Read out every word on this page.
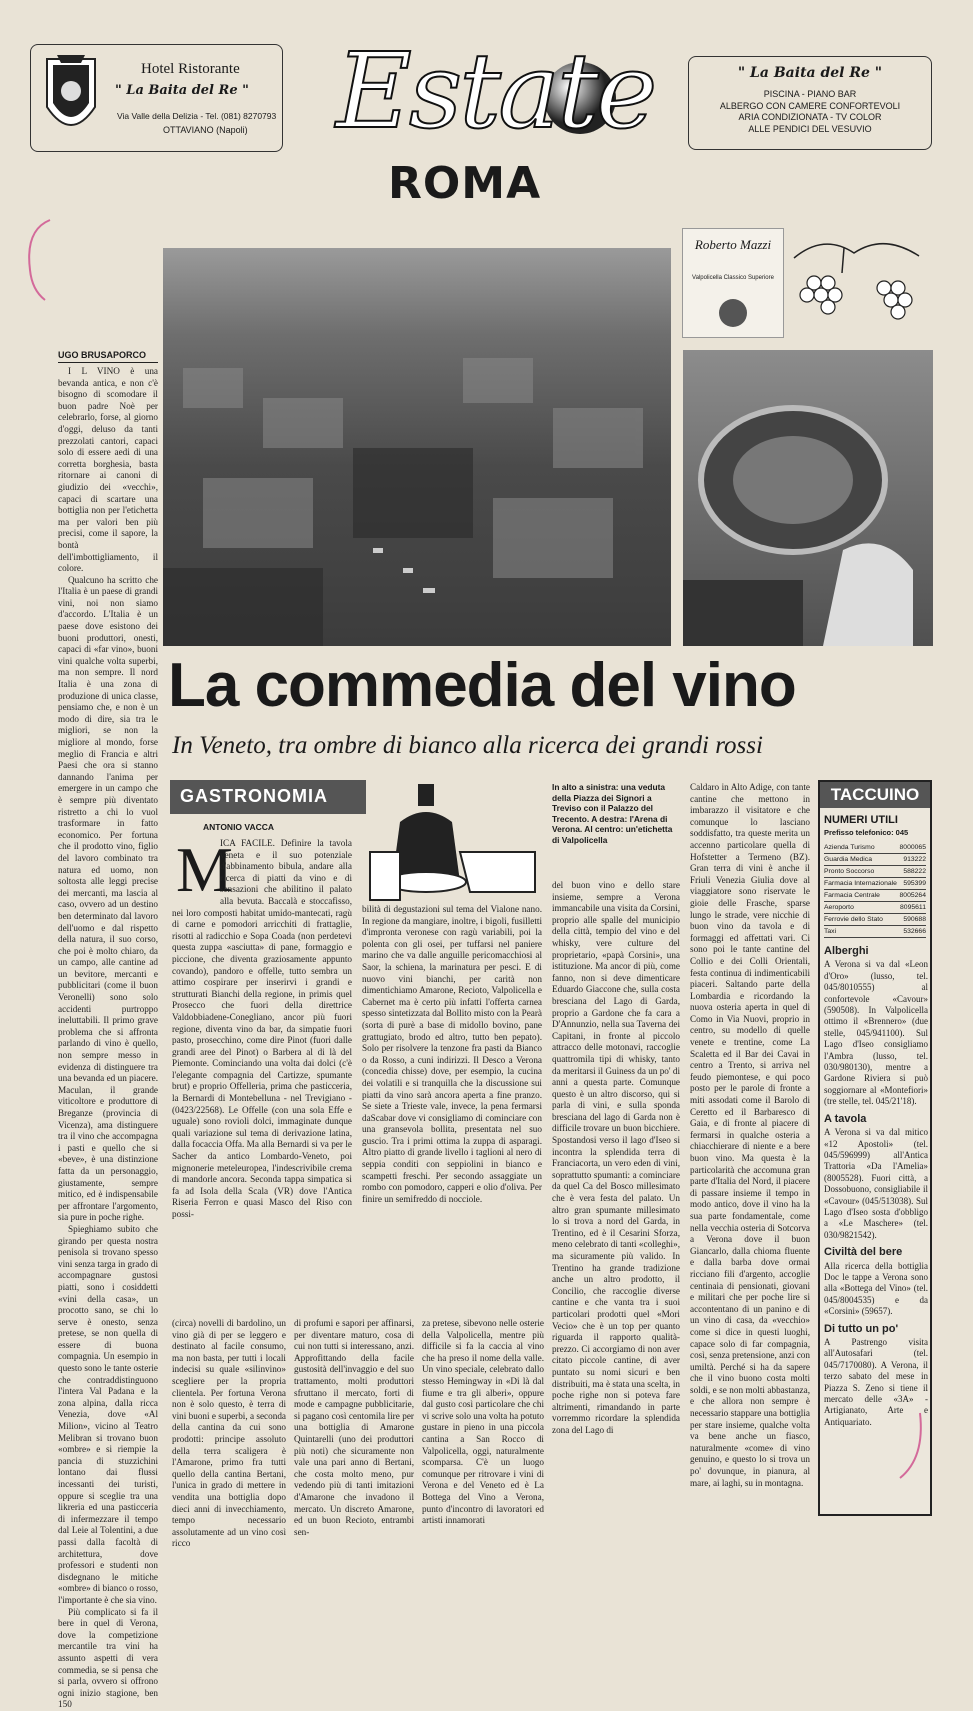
Hotel Ristorante
" La Baita del Re "
Via Valle della Delizia - Tel. (081) 8270793
OTTAVIANO (Napoli) Estate
ROMA
" La Baita del Re "
PISCINA - PIANO BAR
ALBERGO CON CAMERE CONFORTEVOLI
ARIA CONDIZIONATA - TV COLOR
ALLE PENDICI DEL VESUVIO
Roberto Mazzi
Valpolicella Classico Superiore
La commedia del vino
In Veneto, tra ombre di bianco alla ricerca dei grandi rossi
UGO BRUSAPORCO

I L VINO è una bevanda antica, e non c'è bisogno di scomodare il buon padre Noè per celebrarlo, forse, al giorno d'oggi, deluso da tanti prezzolati cantori, capaci solo di essere aedi di una corretta borghesia, basta ritornare ai canoni di giudizio dei «vecchi», capaci di scartare una bottiglia non per l'etichetta ma per valori ben più precisi, come il sapore, la bontà dell'imbottigliamento, il colore.

Qualcuno ha scritto che l'Italia è un paese di grandi vini, noi non siamo d'accordo. L'Italia è un paese dove esistono dei buoni produttori, onesti, capaci di «far vino», buoni vini qualche volta superbi, ma non sempre. Il nord Italia è una zona di produzione di unica classe, pensiamo che, e non è un modo di dire, sia tra le migliori, se non la migliore al mondo, forse meglio di Francia e altri Paesi che ora si stanno dannando l'anima per emergere in un campo che è sempre più diventato ristretto a chi lo vuol trasformare in fatto economico. Per fortuna che il prodotto vino, figlio del lavoro combinato tra natura ed uomo, non soltosta alle leggi precise dei mercanti, ma lascia al caso, ovvero ad un destino ben determinato dal lavoro dell'uomo e dal rispetto della natura, il suo corso, che poi è molto chiaro, da un campo, alle cantine ad un bevitore, mercanti e pubblicitari (come il buon Veronelli) sono solo accidenti purtroppo ineluttabili. Il primo grave problema che si affronta parlando di vino è quello, non sempre messo in evidenza di distinguere tra una bevanda ed un piacere. Maculan, il grande viticoltore e produttore di Breganze (provincia di Vicenza), ama distinguere tra il vino che accompagna i pasti e quello che si «beve», è una distinzione fatta da un personaggio, giustamente, sempre mitico, ed è indispensabile per affrontare l'argomento, sia pure in poche righe.

Spieghiamo subito che girando per questa nostra penisola si trovano spesso vini senza targa in grado di accompagnare gustosi piatti, sono i cosiddetti «vini della casa», un procotto sano, se chi lo serve è onesto, senza pretese, se non quella di essere di buona compagnia. Un esempio in questo sono le tante osterie che contraddistinguono l'intera Val Padana e la zona alpina, dalla ricca Venezia, dove «Al Milion», vicino al Teatro Melibran si trovano buon «ombre» e si riempie la pancia di stuzzichini lontano dai flussi incessanti dei turisti, oppure si sceglie tra una likreria ed una pasticceria di infermezzare il tempo dal Leie al Tolentini, a due passi dalla facoltà di architettura, dove professori e studenti non disdegnano le mitiche «ombre» di bianco o rosso, l'importante è che sia vino.

Più complicato si fa il bere in quel di Verona, dove la competizione mercantile tra vini ha assunto aspetti di vera commedia, se si pensa che si parla, ovvero si offrono ogni inizio stagione, ben 150

GASTRONOMIA
ANTONIO VACCA
M
ICA FACILE. Definire la tavola veneta e il suo potenziale d'abbinamento bibula, andare alla ricerca di piatti da vino e di sensazioni che abilitino il palato alla bevuta. Baccalà e stoccafisso, nei loro composti habitat umido-mantecati, ragù di carne e pomodori arricchiti di frattaglie, risotti al radicchio e Sopa Coada (non perdetevi questa zuppa «asciutta» di pane, formaggio e piccione, che diventa graziosamente appunto covando), pandoro e offelle, tutto sembra un attimo cospirare per inserirvi i grandi e strutturati Bianchi della regione, in primis quel Prosecco che fuori della direttrice Valdobbiadene-Conegliano, ancor più fuori regione, diventa vino da bar, da simpatie fuori pasto, prosecchino, come dire Pinot (fuori dalle grandi aree del Pinot) o Barbera al di là del Piemonte. Cominciando una volta dai dolci (c'è l'elegante compagnia del Cartizze, spumante brut) e proprio Offelleria, prima che pasticceria, la Bernardi di Montebelluna - nel Trevigiano - (0423/22568). Le Offelle (con una sola Effe e uguale) sono rovioli dolci, immaginate dunque quali variazione sul tema di derivazione latina, dalla focaccia Offa. Ma alla Bernardi si va per le Sacher da antico Lombardo-Veneto, poi mignonerie meteleuropea, l'indescrivibile crema di mandorle ancora. Seconda tappa simpatica si fa ad Isola della Scala (VR) dove l'Antica Riseria Ferron e quasi Masco del Riso con possi-
bilità di degustazioni sul tema del Vialone nano. In regione da mangiare, inoltre, i bigoli, fusilletti d'impronta veronese con ragù variabili, poi la polenta con gli osei, per tuffarsi nel paniere marino che va dalle anguille pericomacchiosi al Saor, la schiena, la marinatura per pesci. E di nuovo vini bianchi, per carità non dimentichiamo Amarone, Recioto, Valpolicella e Cabernet ma è certo più infatti l'offerta carnea spesso sintetizzata dal Bollito misto con la Pearà (sorta di purè a base di midollo bovino, pane grattugiato, brodo ed altro, tutto ben pepato). Solo per risolvere la tenzone fra pasti da Bianco o da Rosso, a cuni indirizzi. Il Desco a Verona (concedia chisse) dove, per esempio, la cucina dei volatili e si tranquilla che la discussione sui piatti da vino sarà ancora aperta a fine pranzo. Se siete a Trieste vale, invece, la pena fermarsi daScabar dove vi consigliamo di cominciare con una gransevola bollita, presentata nel suo guscio. Tra i primi ottima la zuppa di asparagi. Altro piatto di grande livello i taglioni al nero di seppia conditi con seppiolini in bianco e scampetti freschi. Per secondo assaggiate un rombo con pomodoro, capperi e olio d'oliva. Per finire un semifreddo di nocciole.
In alto a sinistra: una veduta della Piazza dei Signori a Treviso con il Palazzo del Trecento. A destra: l'Arena di Verona. Al centro: un'etichetta di Valpolicella
del buon vino e dello stare insieme, sempre a Verona immancabile una visita da Corsini, proprio alle spalle del municipio della città, tempio del vino e del whisky, vere culture del proprietario, «papà Corsini», una istituzione. Ma ancor di più, come fanno, non si deve dimenticare Eduardo Giaccone che, sulla costa bresciana del Lago di Garda, proprio a Gardone che fa cara a D'Annunzio, nella sua Taverna dei Capitani, in fronte al piccolo attracco delle motonavi, raccoglie quattromila tipi di whisky, tanto da meritarsi il Guiness da un po' di anni a questa parte. Comunque questo è un altro discorso, qui si parla di vini, e sulla sponda bresciana del lago di Garda non è difficile trovare un buon bicchiere. Spostandosi verso il lago d'Iseo si incontra la splendida terra di Franciacorta, un vero eden di vini, soprattutto spumanti: a cominciare da quel Ca del Bosco millesimato che è vera festa del palato. Un altro gran spumante millesimato lo si trova a nord del Garda, in Trentino, ed è il Cesarini Sforza, meno celebrato di tanti «colleghi», ma sicuramente più valido. In Trentino ha grande tradizione anche un altro prodotto, il Concilio, che raccoglie diverse cantine e che vanta tra i suoi particolari prodotti quel «Mori Vecio» che è un top per quanto riguarda il rapporto qualità-prezzo. Ci accorgiamo di non aver citato piccole cantine, di aver puntato su nomi sicuri e ben distribuiti, ma è stata una scelta, in poche righe non si poteva fare altrimenti, rimandando in parte vorremmo ricordare la splendida zona del Lago di
Caldaro in Alto Adige, con tante cantine che mettono in imbarazzo il visitatore e che comunque lo lasciano soddisfatto, tra queste merita un accenno particolare quella di Hofstetter a Termeno (BZ). Gran terra di vini è anche il Friuli Venezia Giulia dove al viaggiatore sono riservate le gioie delle Frasche, sparse lungo le strade, vere nicchie di buon vino da tavola e di formaggi ed affettati vari. Ci sono poi le tante cantine del Collio e dei Colli Orientali, festa continua di indimenticabili piaceri. Saltando parte della Lombardia e ricordando la nuova osteria aperta in quel di Como in Via Nuovi, proprio in centro, su modello di quelle venete e trentine, come La Scaletta ed il Bar dei Cavai in centro a Trento, si arriva nel feudo piemontese, e qui poco posto per le parole di fronte a miti assodati come il Barolo di Ceretto ed il Barbaresco di Gaia, e di fronte al piacere di fermarsi in qualche osteria a chiacchierare di niente e a bere buon vino. Ma questa è la particolarità che accomuna gran parte d'Italia del Nord, il piacere di passare insieme il tempo in modo antico, dove il vino ha la sua parte fondamentale, come nella vecchia osteria di Sotcorva a Verona dove il buon Giancarlo, dalla chioma fluente e dalla barba dove ormai ricciano fili d'argento, accoglie centinaia di pensionati, giovani e militari che per poche lire si accontentano di un panino e di un vino di casa, da «vecchio» come si dice in questi luoghi, capace solo di far compagnia, così, senza pretensione, anzi con umiltà. Perché si ha da sapere che il vino buono costa molti soldi, e se non molti abbastanza, e che allora non sempre è necessario stappare una bottiglia per stare insieme, qualche volta va bene anche un fiasco, naturalmente «come» di vino genuino, e questo lo si trova un po' dovunque, in pianura, al mare, ai laghi, su in montagna.
(circa) novelli di bardolino, un vino già di per se leggero e destinato al facile consumo, ma non basta, per tutti i locali indecisi su quale «silinvino» scegliere per la propria clientela. Per fortuna Verona non è solo questo, è terra di vini buoni e superbi, a seconda della cantina da cui sono prodotti: principe assoluto della terra scaligera è l'Amarone, primo fra tutti quello della cantina Bertani, l'unica in grado di mettere in vendita una bottiglia dopo dieci anni di invecchiamento, tempo necessario assolutamente ad un vino così ricco
di profumi e sapori per affinarsi, per diventare maturo, cosa di cui non tutti si interessano, anzi. Approfittando della facile gustosità dell'invaggio e del suo trattamento, molti produttori sfruttano il mercato, forti di mode e campagne pubblicitarie, si pagano così centomila lire per una bottiglia di Amarone Quintarelli (uno dei produttori più noti) che sicuramente non vale una pari anno di Bertani, che costa molto meno, pur vedendo più di tanti imitazioni d'Amarone che invadono il mercato. Un discreto Amarone, ed un buon Recioto, entrambi sen-
za pretese, sibevono nelle osterie della Valpolicella, mentre più difficile si fa la caccia al vino che ha preso il nome della valle. Un vino speciale, celebrato dallo stesso Hemingway in «Di là dal fiume e tra gli alberi», oppure dal gusto così particolare che chi vi scrive solo una volta ha potuto gustare in pieno in una piccola cantina a San Rocco di Valpolicella, oggi, naturalmente scomparsa. C'è un luogo comunque per ritrovare i vini di Verona e del Veneto ed è La Bottega del Vino a Verona, punto d'incontro di lavoratori ed artisti innamorati
TACCUINO
NUMERI UTILI
Prefisso telefonico: 045
Azienda Turismo	8000065
Guardia Medica	913222
Pronto Soccorso	588222
Farmacia Internazionale 595399
Farmacia Centrale	8005264
Aeroporto	8095611
Ferrovie dello Stato	590688
Taxi	532666
Alberghi
A Verona si va dal «Leon d'Oro» (lusso, tel. 045/8010555) al confortevole «Cavour» (590508). In Valpolicella ottimo il «Brennero» (due stelle, 045/941100). Sul Lago d'Iseo consigliamo l'Ambra (lusso, tel. 030/980130), mentre a Gardone Riviera si può soggiornare al «Montefiori» (tre stelle, tel. 045/21'18).
A tavola
A Verona si va dal mitico «12 Apostoli» (tel. 045/596999) all'Antica Trattoria «Da l'Amelia» (8005528). Fuori città, a Dossobuono, consigliabile il «Cavour» (045/513038). Sul Lago d'Iseo sosta d'obbligo a «Le Maschere» (tel. 030/9821542).
Civiltà del bere
Alla ricerca della bottiglia Doc le tappe a Verona sono alla «Bottega del Vino» (tel. 045/8004535) e da «Corsini» (59657).
Di tutto un po'
A Pastrengo visita all'Autosafari (tel. 045/7170080). A Verona, il terzo sabato del mese in Piazza S. Zeno si tiene il mercato delle «3A» - Artigianato, Arte e Antiquariato.
